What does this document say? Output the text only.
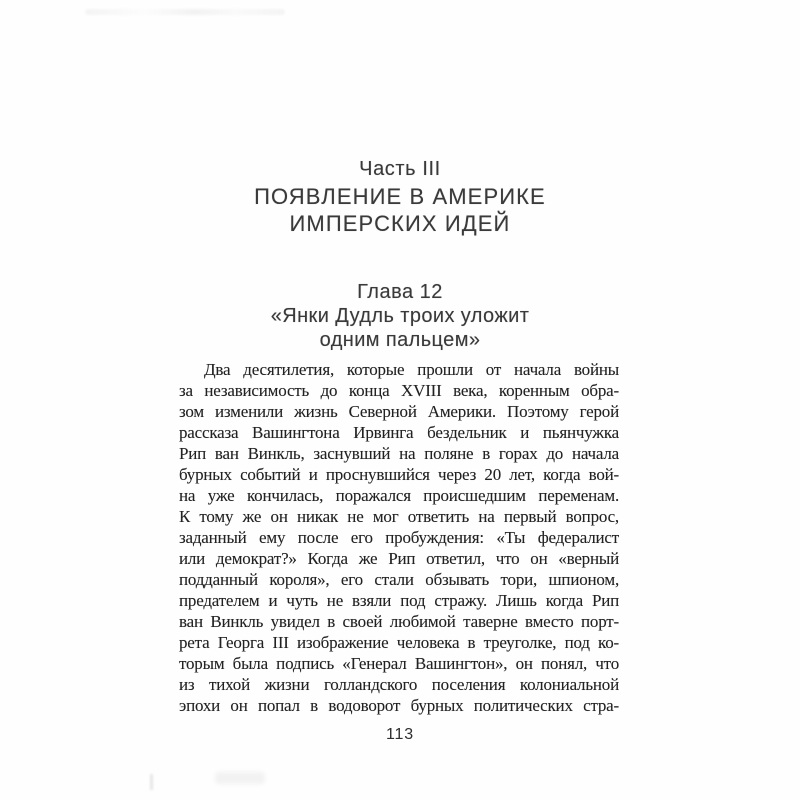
Часть III
ПОЯВЛЕНИЕ В АМЕРИКЕ
ИМПЕРСКИХ ИДЕЙ
Глава 12
«Янки Дудль троих уложит
одним пальцем»
Два десятилетия, которые прошли от начала войны
за независимость до конца XVIII века, коренным обра-
зом изменили жизнь Северной Америки. Поэтому герой
рассказа Вашингтона Ирвинга бездельник и пьянчужка
Рип ван Винкль, заснувший на поляне в горах до начала
бурных событий и проснувшийся через 20 лет, когда вой-
на уже кончилась, поражался происшедшим переменам.
К тому же он никак не мог ответить на первый вопрос,
заданный ему после его пробуждения: «Ты федералист
или демократ?» Когда же Рип ответил, что он «верный
подданный короля», его стали обзывать тори, шпионом,
предателем и чуть не взяли под стражу. Лишь когда Рип
ван Винкль увидел в своей любимой таверне вместо порт-
рета Георга III изображение человека в треуголке, под ко-
торым была подпись «Генерал Вашингтон», он понял, что
из тихой жизни голландского поселения колониальной
эпохи он попал в водоворот бурных политических стра-
113
